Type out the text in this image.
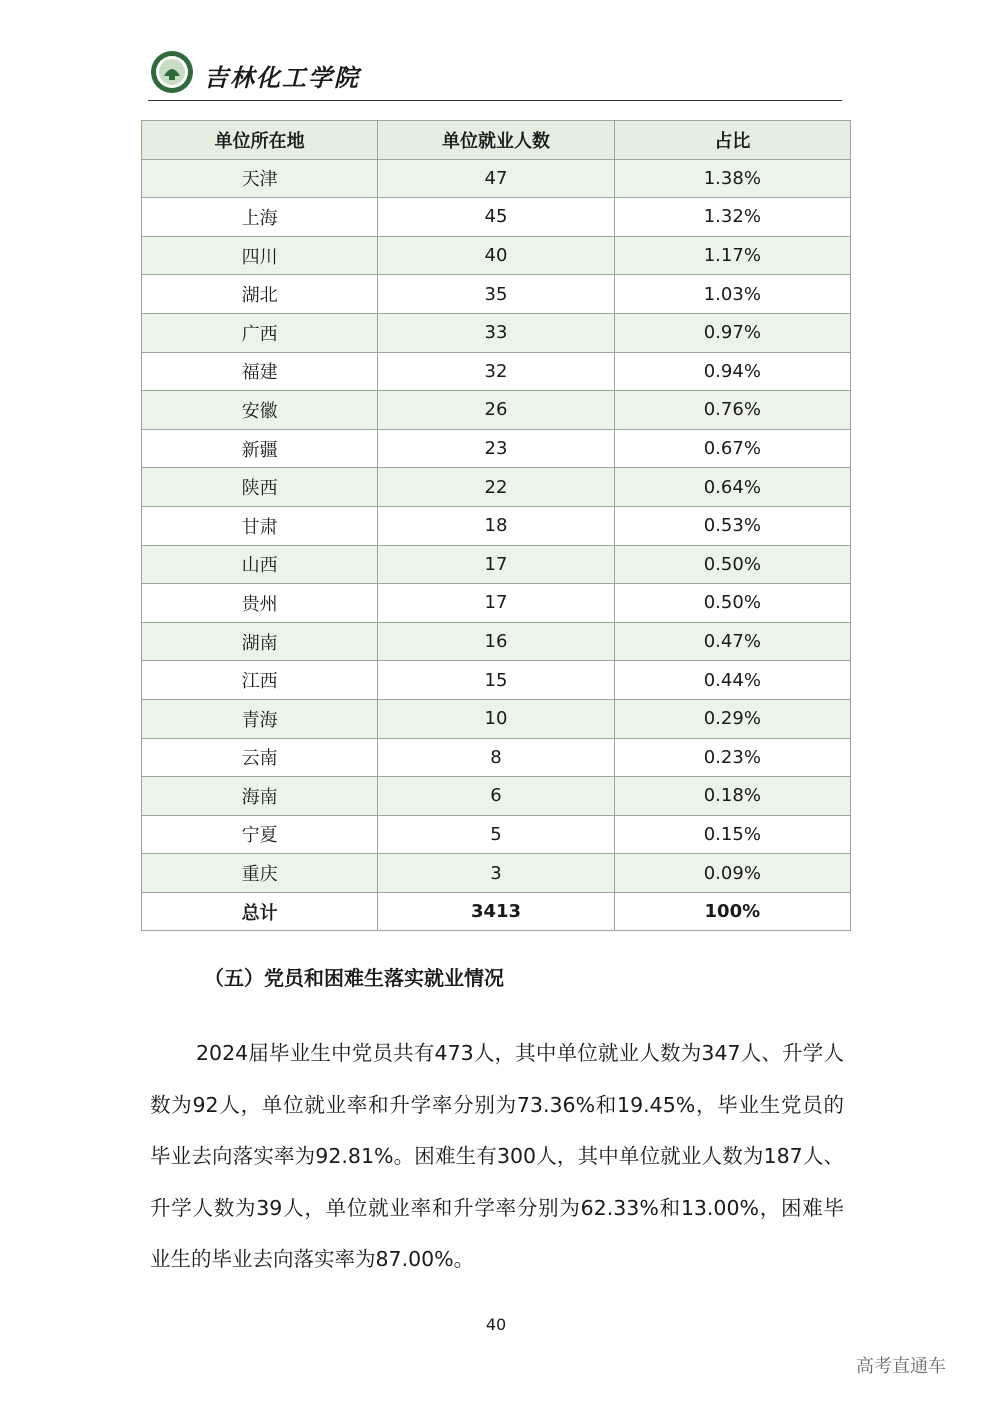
吉林化工学院
单位所在地	单位就业人数	占比
天津	47	1.38%
上海	45	1.32%
四川	40	1.17%
湖北	35	1.03%
广西	33	0.97%
福建	32	0.94%
安徽	26	0.76%
新疆	23	0.67%
陕西	22	0.64%
甘肃	18	0.53%
山西	17	0.50%
贵州	17	0.50%
湖南	16	0.47%
江西	15	0.44%
青海	10	0.29%
云南	8	0.23%
海南	6	0.18%
宁夏	5	0.15%
重庆	3	0.09%
总计	3413	100%
（五）党员和困难生落实就业情况
2024届毕业生中党员共有473人，其中单位就业人数为347人、升学人数为92人，单位就业率和升学率分别为73.36%和19.45%，毕业生党员的毕业去向落实率为92.81%。困难生有300人，其中单位就业人数为187人、升学人数为39人，单位就业率和升学率分别为62.33%和13.00%，困难毕业生的毕业去向落实率为87.00%。
40
高考直通车
